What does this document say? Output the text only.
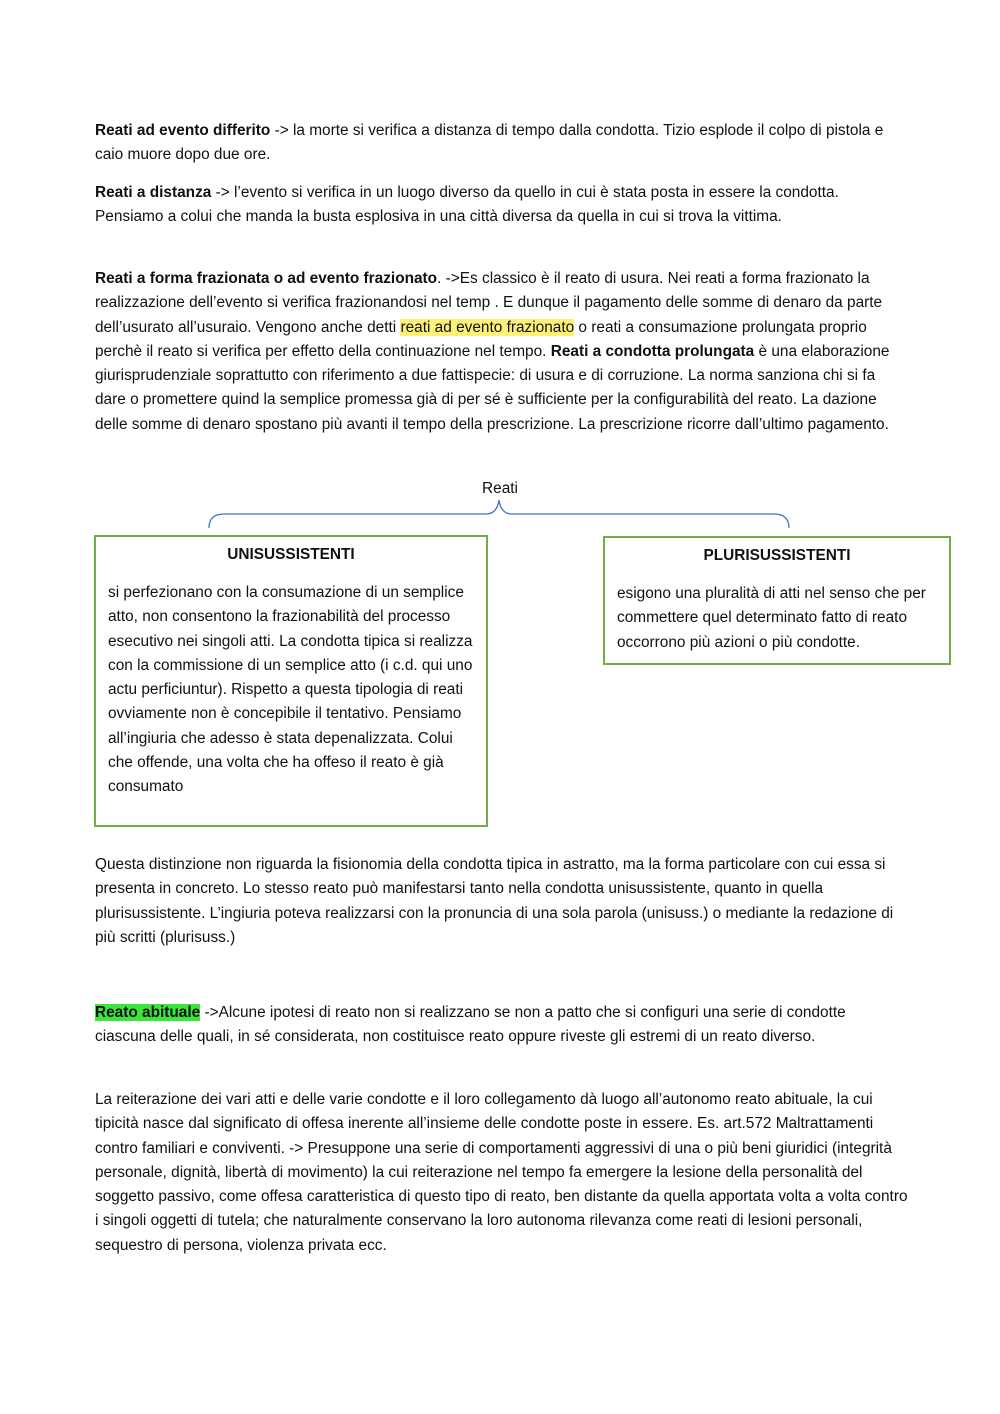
Reati ad evento differito -> la morte si verifica a distanza di tempo dalla condotta. Tizio esplode il colpo di pistola e caio muore dopo due ore.

Reati a distanza -> l’evento si verifica in un luogo diverso da quello in cui è stata posta in essere la condotta. Pensiamo a colui che manda la busta esplosiva in una città diversa da quella in cui si trova la vittima.

Reati a forma frazionata o ad evento frazionato. ->Es classico è il reato di usura. Nei reati a forma frazionato la realizzazione dell’evento si verifica frazionandosi nel temp . E dunque il pagamento delle somme di denaro da parte dell’usurato all’usuraio. Vengono anche detti reati ad evento frazionato o reati a consumazione prolungata proprio perchè il reato si verifica per effetto della continuazione nel tempo. Reati a condotta prolungata è una elaborazione giurisprudenziale soprattutto con riferimento a due fattispecie: di usura e di corruzione. La norma sanziona chi si fa dare o promettere quind la semplice promessa già di per sé è sufficiente per la configurabilità del reato. La dazione delle somme di denaro spostano più avanti il tempo della prescrizione. La prescrizione ricorre dall’ultimo pagamento.

Reati
UNISUSSISTENTI

si perfezionano con la consumazione di un semplice atto, non consentono la frazionabilità del processo esecutivo nei singoli atti. La condotta tipica si realizza con la commissione di un semplice atto (i c.d. qui uno actu perficiuntur). Rispetto a questa tipologia di reati ovviamente non è concepibile il tentativo. Pensiamo all’ingiuria che adesso è stata depenalizzata. Colui che offende, una volta che ha offeso il reato è già consumato

PLURISUSSISTENTI

esigono una pluralità di atti nel senso che per commettere quel determinato fatto di reato occorrono più azioni o più condotte.

Questa distinzione non riguarda la fisionomia della condotta tipica in astratto, ma la forma particolare con cui essa si presenta in concreto. Lo stesso reato può manifestarsi tanto nella condotta unisussistente, quanto in quella plurisussistente. L’ingiuria poteva realizzarsi con la pronuncia di una sola parola (unisuss.) o mediante la redazione di più scritti (plurisuss.)

Reato abituale ->Alcune ipotesi di reato non si realizzano se non a patto che si configuri una serie di condotte ciascuna delle quali, in sé considerata, non costituisce reato oppure riveste gli estremi di un reato diverso.

La reiterazione dei vari atti e delle varie condotte e il loro collegamento dà luogo all’autonomo reato abituale, la cui tipicità nasce dal significato di offesa inerente all’insieme delle condotte poste in essere. Es. art.572 Maltrattamenti contro familiari e conviventi. -> Presuppone una serie di comportamenti aggressivi di una o più beni giuridici (integrità personale, dignità, libertà di movimento) la cui reiterazione nel tempo fa emergere la lesione della personalità del soggetto passivo, come offesa caratteristica di questo tipo di reato, ben distante da quella apportata volta a volta contro i singoli oggetti di tutela; che naturalmente conservano la loro autonoma rilevanza come reati di lesioni personali, sequestro di persona, violenza privata ecc.
